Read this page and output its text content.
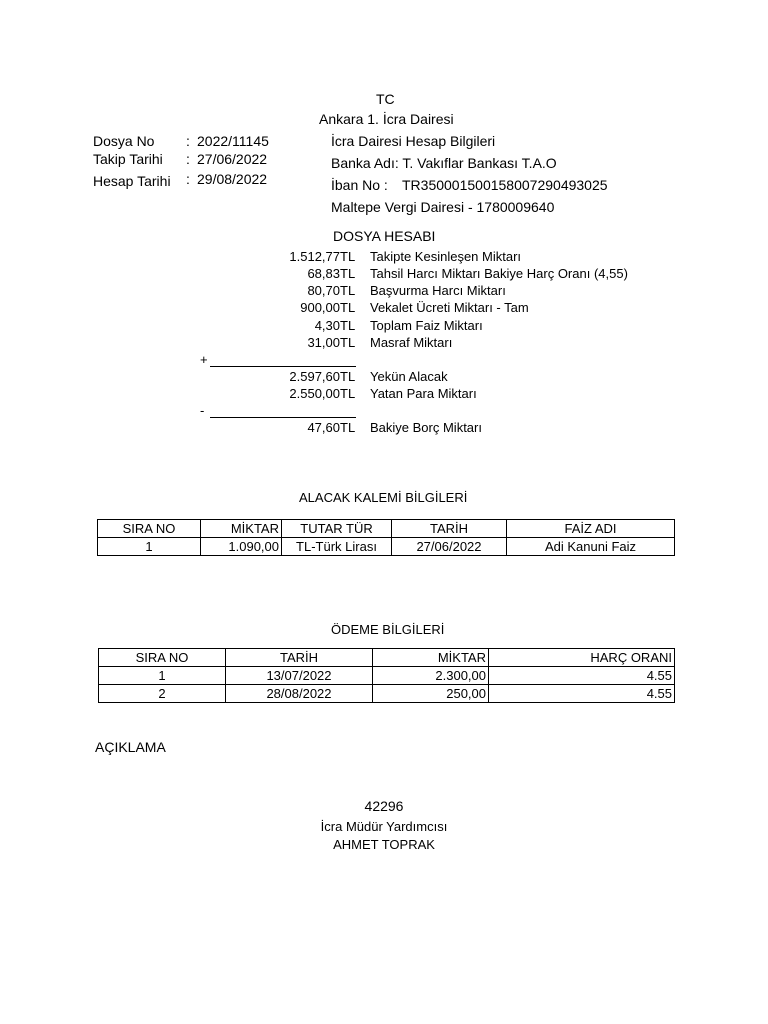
TC
Ankara 1. İcra Dairesi
Dosya No : 2022/11145
Takip Tarihi : 27/06/2022
Hesap Tarihi : 29/08/2022
İcra Dairesi Hesap Bilgileri
Banka Adı: T. Vakıflar Bankası T.A.O
İban No : TR350001500158007290493025
Maltepe Vergi Dairesi - 1780009640
DOSYA HESABI
1.512,77 TL Takipte Kesinleşen Miktarı
68,83 TL Tahsil Harcı Miktarı Bakiye Harç Oranı (4,55)
80,70 TL Başvurma Harcı Miktarı
900,00 TL Vekalet Ücreti Miktarı - Tam
4,30 TL Toplam Faiz Miktarı
31,00 TL Masraf Miktarı
+
2.597,60 TL Yekün Alacak
2.550,00 TL Yatan Para Miktarı
-
47,60 TL Bakiye Borç Miktarı
ALACAK KALEMİ BİLGİLERİ
SIRA NO	MİKTAR	TUTAR TÜR	TARİH	FAİZ ADI
1	1.090,00	TL-Türk Lirası	27/06/2022	Adi Kanuni Faiz
ÖDEME BİLGİLERİ
SIRA NO	TARİH	MİKTAR	HARÇ ORANI
1	13/07/2022	2.300,00	4.55
2	28/08/2022	250,00	4.55
AÇIKLAMA
42296
İcra Müdür Yardımcısı
AHMET TOPRAK
